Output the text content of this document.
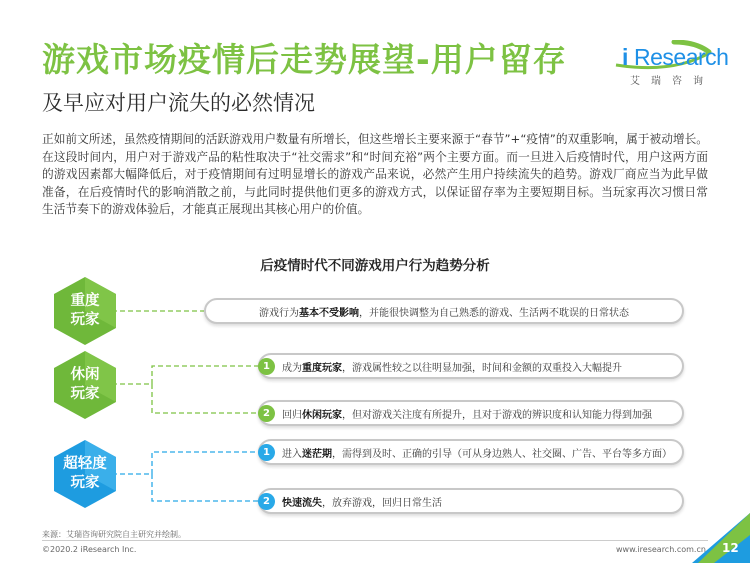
游戏市场疫情后走势展望-用户留存
及早应对用户流失的必然情况
i Research
艾瑞咨询
正如前文所述，虽然疫情期间的活跃游戏用户数量有所增长，但这些增长主要来源于“春节”+“疫情”的双重影响，属于被动增长。在这段时间内，用户对于游戏产品的粘性取决于“社交需求”和“时间充裕”两个主要方面。而一旦进入后疫情时代，用户这两方面的游戏因素都大幅降低后，对于疫情期间有过明显增长的游戏产品来说，必然产生用户持续流失的趋势。游戏厂商应当为此早做准备，在后疫情时代的影响消散之前，与此同时提供他们更多的游戏方式，以保证留存率为主要短期目标。当玩家再次习惯日常生活节奏下的游戏体验后，才能真正展现出其核心用户的价值。
后疫情时代不同游戏用户行为趋势分析
重度
玩家
休闲
玩家
超轻度
玩家
游戏行为 基本不受影响 ，并能很快调整为自己熟悉的游戏、生活两不耽误的日常状态
1	成为 重度玩家 ，游戏属性较之以往明显加强，时间和金额的双重投入大幅提升
2	回归 休闲玩家 ，但对游戏关注度有所提升，且对于游戏的辨识度和认知能力得到加强
1	进入 迷茫期 ，需得到及时、正确的引导（可从身边熟人、社交圈、广告、平台等多方面）
2	快速流失 ，放弃游戏，回归日常生活
来源：艾瑞咨询研究院自主研究并绘制。
©2020.2 iResearch Inc.	www.iresearch.com.cn 12
